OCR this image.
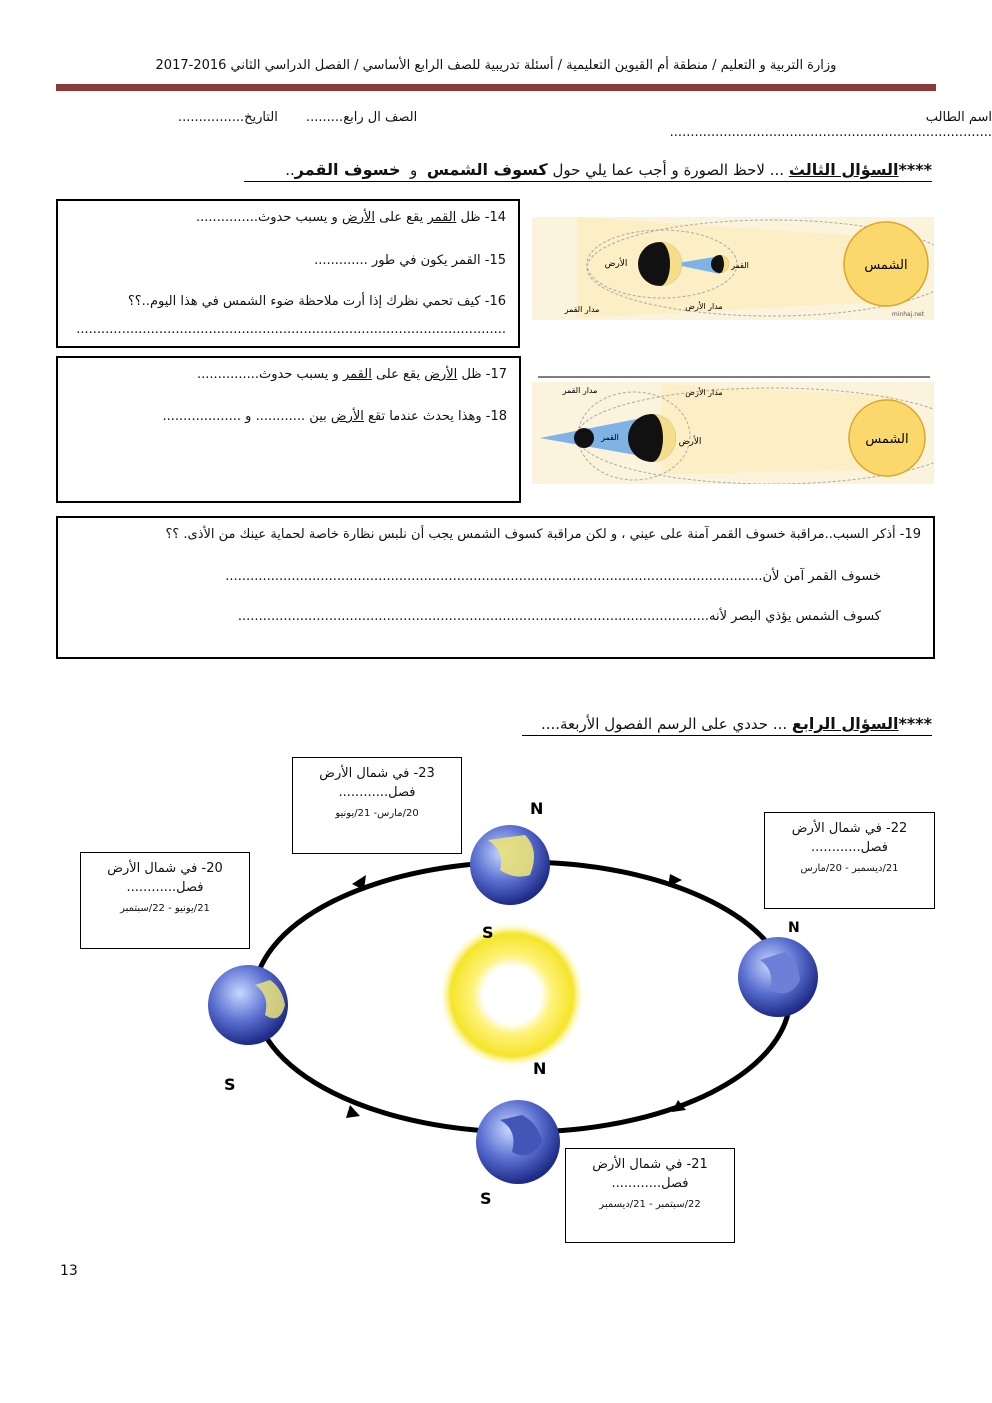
وزارة التربية و التعليم / منطقة أم القيوين التعليمية / أسئلة تدريبية للصف الرابع الأساسي / الفصل الدراسي الثاني 2016-2017
اسم الطالب ..............................................................................
الصف ال رابع.........
التاريخ................
****السؤال الثالث ... لاحظ الصورة و أجب عما يلي حول كسوف الشمس  و  خسوف القمر..
14- ظل القمر يقع على الأرض و يسبب حدوث...............
15- القمر يكون في طور .............
16- كيف تحمي نظرك إذا أرت ملاحظة ضوء الشمس في هذا اليوم..؟؟
........................................................................................................
الشمس
الأرض	القمر
مدار الأرض
مدار القمر
minhaj.net
17- ظل الأرض يقع على القمر و يسبب حدوث...............
18- وهذا يحدث عندما تقع الأرض بين ............ و ...................
الشمس
الأرض
القمر
مدار الأرض
مدار القمر
19- أذكر السبب..مراقبة خسوف القمر آمنة على عيني ، و لكن مراقبة كسوف الشمس يجب أن نلبس نظارة خاصة لحماية عينك من الأذى. ؟؟
خسوف القمر آمن لأن..................................................................................................................................
كسوف الشمس يؤذي البصر لأنه..................................................................................................................
****السؤال الرابع ... حددي على الرسم الفصول الأربعة....
N
S	N
S
N
S
23- في شمال الأرض
فصل............
20/مارس- 21/يونيو
22- في شمال الأرض
فصل............
21/ديسمبر - 20/مارس
20- في شمال الأرض
فصل............
21/يونيو - 22/سبتمبر
21- في شمال الأرض
فصل............
22/سبتمبر - 21/ديسمبر
13
